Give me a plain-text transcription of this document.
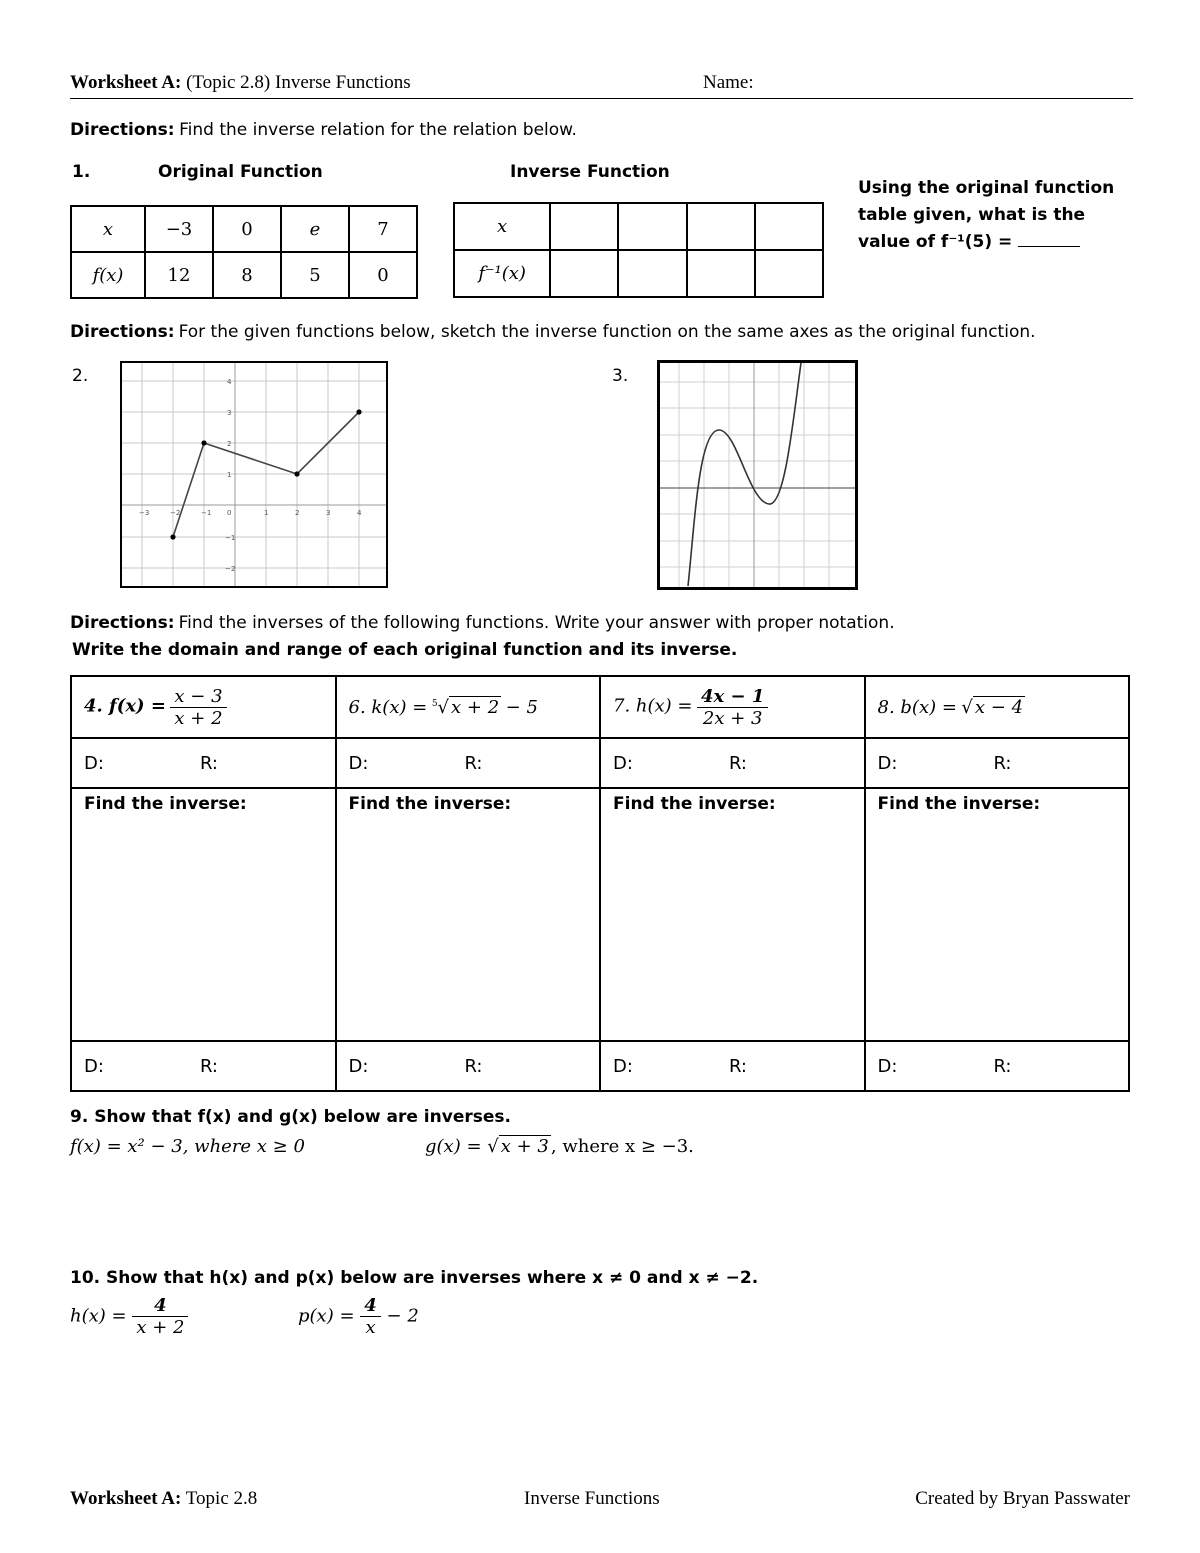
Worksheet A: (Topic 2.8) Inverse Functions	Name:
Directions: Find the inverse relation for the relation below.
1.	Original Function	Inverse Function
x	−3	0	e	7
f(x)	12	8	5	0
x				
f⁻¹(x)				
Using the original function
table given, what is the
value of f⁻¹(5) =
Directions: For the given functions below, sketch the inverse function on the same axes as the original function.
2.	3.
−3	−2	−1 0	1	2	3	4
4
3
2
1
−1
−2
Directions: Find the inverses of the following functions. Write your answer with proper notation.
Write the domain and range of each original function and its inverse.
4. $f(x) = \frac{x - 3}{x + 2}$	6. k(x) = $^5$√ x + 2 − 5	7. $h(x) = \frac{4x - 1}{2x + 3}$	8. b(x) = √ x − 4
D: R:	D: R:	D: R:	D: R:
Find the inverse:	Find the inverse:	Find the inverse:	Find the inverse:
D: R:	D: R:	D: R:	D: R:
9. Show that f(x) and g(x) below are inverses.
f(x) = x² − 3, where x ≥ 0	g(x) = √ x + 3 , where x ≥ −3.
10. Show that h(x) and p(x) below are inverses where x ≠ 0 and x ≠ −2.
$h(x) = \frac{4}{x + 2}$	$p(x) = \frac{4}{x} - 2$
Worksheet A: Topic 2.8	Inverse Functions	Created by Bryan Passwater
